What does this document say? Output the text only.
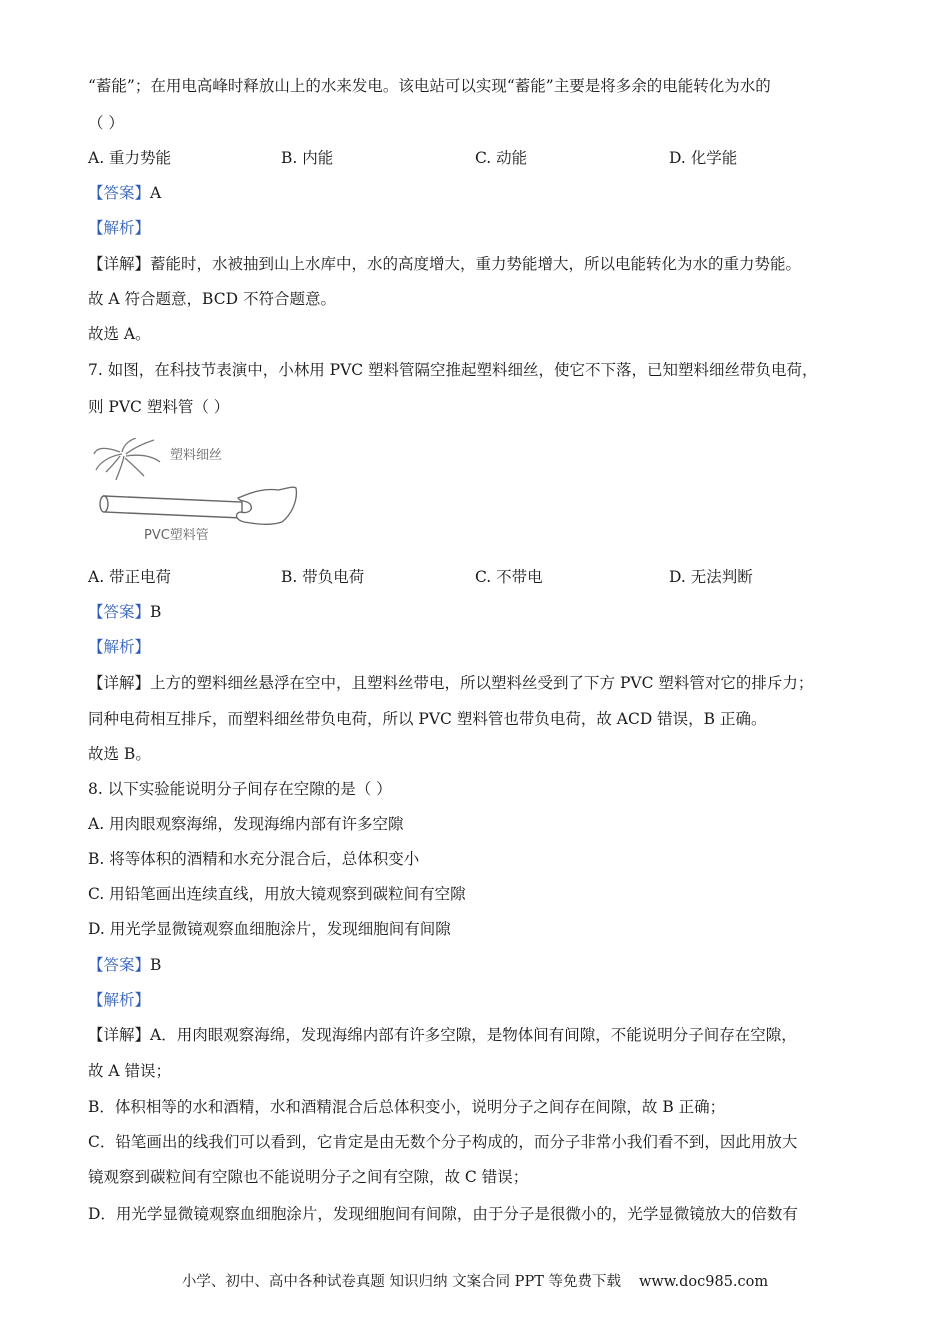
“蓄能”；在用电高峰时释放山上的水来发电。该电站可以实现“蓄能”主要是将多余的电能转化为水的
（ ）
A. 重力势能	B. 内能	C. 动能	D. 化学能
【答案】A
【解析】
【详解】蓄能时，水被抽到山上水库中，水的高度增大，重力势能增大，所以电能转化为水的重力势能。
故 A 符合题意，BCD 不符合题意。
故选 A。
7. 如图，在科技节表演中，小林用 PVC 塑料管隔空推起塑料细丝，使它不下落，已知塑料细丝带负电荷，
则 PVC 塑料管（ ）
塑料细丝
PVC塑料管
A. 带正电荷	B. 带负电荷	C. 不带电	D. 无法判断
【答案】B
【解析】
【详解】上方的塑料细丝悬浮在空中，且塑料丝带电，所以塑料丝受到了下方 PVC 塑料管对它的排斥力；
同种电荷相互排斥，而塑料细丝带负电荷，所以 PVC 塑料管也带负电荷，故 ACD 错误，B 正确。
故选 B。
8. 以下实验能说明分子间存在空隙的是（ ）
A. 用肉眼观察海绵，发现海绵内部有许多空隙
B. 将等体积的酒精和水充分混合后，总体积变小
C. 用铅笔画出连续直线，用放大镜观察到碳粒间有空隙
D. 用光学显微镜观察血细胞涂片，发现细胞间有间隙
【答案】B
【解析】
【详解】A．用肉眼观察海绵，发现海绵内部有许多空隙，是物体间有间隙，不能说明分子间存在空隙，
故 A 错误；
B．体积相等的水和酒精，水和酒精混合后总体积变小，说明分子之间存在间隙，故 B 正确；
C．铅笔画出的线我们可以看到，它肯定是由无数个分子构成的，而分子非常小我们看不到，因此用放大
镜观察到碳粒间有空隙也不能说明分子之间有空隙，故 C 错误；
D．用光学显微镜观察血细胞涂片，发现细胞间有间隙，由于分子是很微小的，光学显微镜放大的倍数有
小学、初中、高中各种试卷真题 知识归纳 文案合同 PPT 等免费下载 www.doc985.com
